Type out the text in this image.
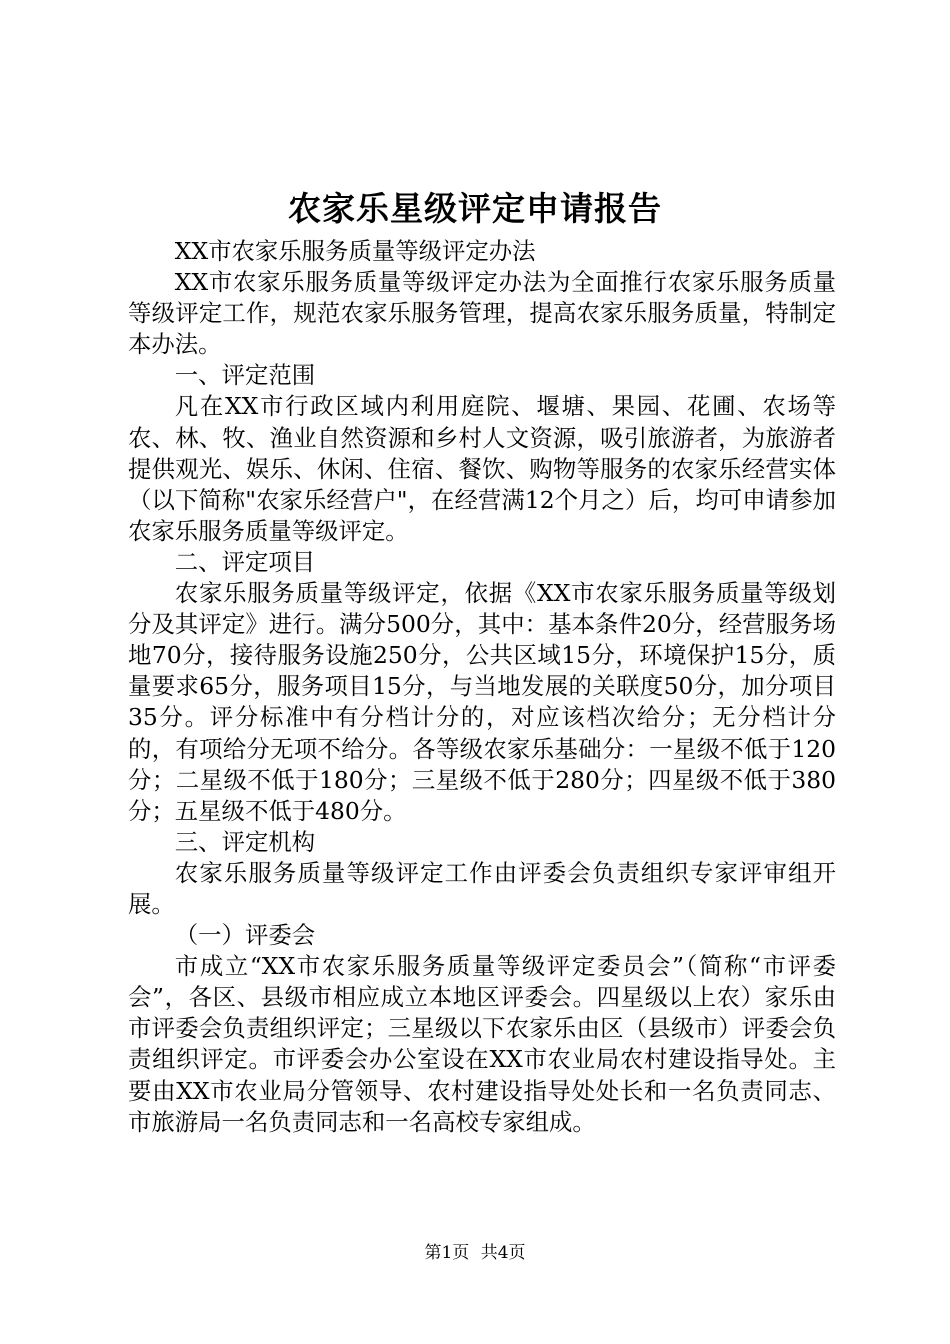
农家乐星级评定申请报告

XX市农家乐服务质量等级评定办法

XX市农家乐服务质量等级评定办法为全面推行农家乐服务质量等级评定工作，规范农家乐服务管理，提高农家乐服务质量，特制定本办法。

一、评定范围

凡在XX市行政区域内利用庭院、堰塘、果园、花圃、农场等农、林、牧、渔业自然资源和乡村人文资源，吸引旅游者，为旅游者提供观光、娱乐、休闲、住宿、餐饮、购物等服务的农家乐经营实体（以下简称"农家乐经营户"，在经营满12个月之）后，均可申请参加农家乐服务质量等级评定。

二、评定项目

农家乐服务质量等级评定，依据《XX市农家乐服务质量等级划分及其评定》进行。满分500分，其中：基本条件20分，经营服务场地70分，接待服务设施250分，公共区域15分，环境保护15分，质量要求65分，服务项目15分，与当地发展的关联度50分，加分项目35分。评分标准中有分档计分的，对应该档次给分；无分档计分的，有项给分无项不给分。各等级农家乐基础分：一星级不低于120分；二星级不低于180分；三星级不低于280分；四星级不低于380分；五星级不低于480分。

三、评定机构

农家乐服务质量等级评定工作由评委会负责组织专家评审组开展。

（一）评委会

市成立“XX市农家乐服务质量等级评定委员会”（简称“市评委会”，各区、县级市相应成立本地区评委会。四星级以上农）家乐由市评委会负责组织评定；三星级以下农家乐由区（县级市）评委会负责组织评定。市评委会办公室设在XX市农业局农村建设指导处。主要由XX市农业局分管领导、农村建设指导处处长和一名负责同志、市旅游局一名负责同志和一名高校专家组成。

第1页 共4页
